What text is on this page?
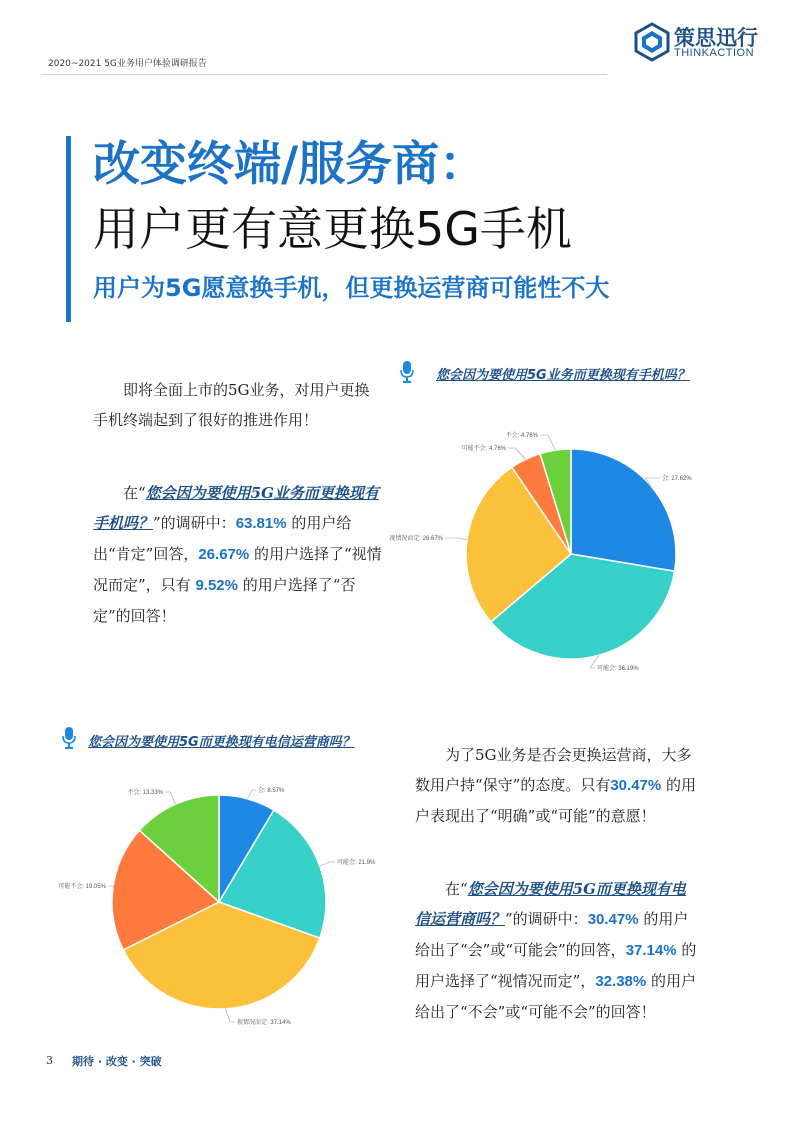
2020~2021 5G业务用户体验调研报告
策思迅行
THINKACTION
改变终端/服务商：
用户更有意更换5G手机
用户为5G愿意换手机，但更换运营商可能性不大
即将全面上市的5G业务，对用户更换手机终端起到了很好的推进作用！
在“您会因为要使用5G业务而更换现有手机吗？”的调研中：63.81% 的用户给出“肯定”回答，26.67% 的用户选择了“视情况而定”，只有 9.52% 的用户选择了“否定”的回答！
您会因为要使用5G业务而更换现有手机吗？
会: 27.62%
可能会: 36.19%
视情况而定: 26.67%
可能不会: 4.76%
不会: 4.76%
您会因为要使用5G而更换现有电信运营商吗？
会: 8.57%
可能会: 21.9%
视情况而定: 37.14%
可能不会: 19.05%
不会: 13.33%
为了5G业务是否会更换运营商，大多数用户持“保守”的态度。只有30.47% 的用户表现出了“明确”或“可能”的意愿！
在“您会因为要使用5G而更换现有电信运营商吗？”的调研中：30.47% 的用户给出了“会”或“可能会”的回答，37.14% 的用户选择了“视情况而定”，32.38% 的用户给出了“不会”或“可能不会”的回答！
3 期待 · 改变 · 突破
